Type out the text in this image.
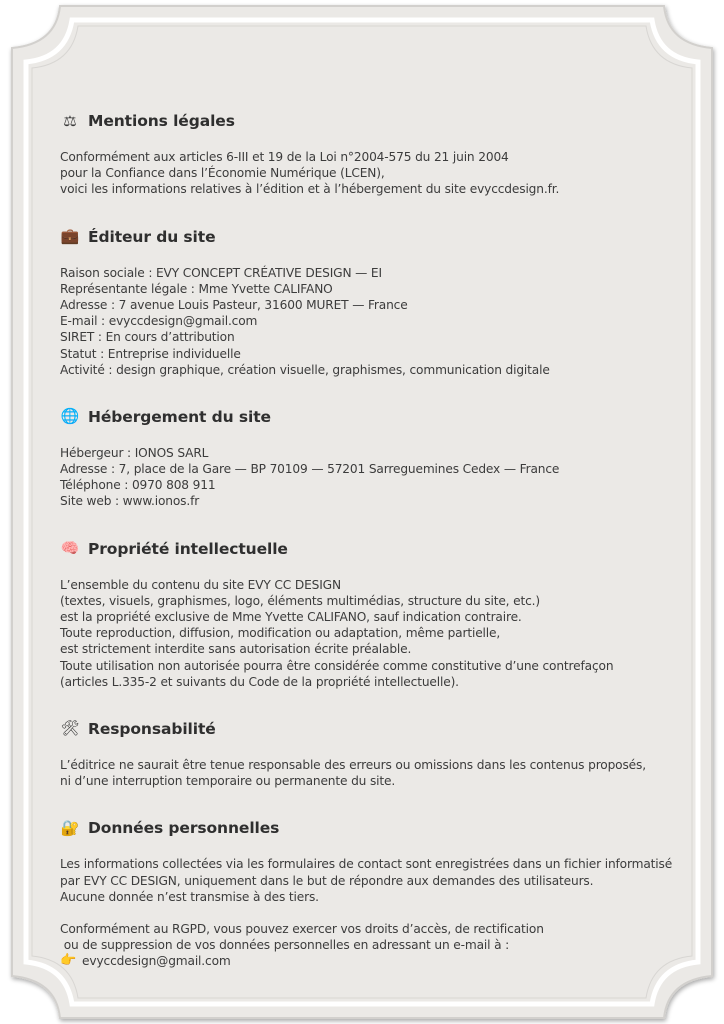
⚖ Mentions légales
Conformément aux articles 6-III et 19 de la Loi n°2004-575 du 21 juin 2004
pour la Confiance dans l’Économie Numérique (LCEN),
voici les informations relatives à l’édition et à l’hébergement du site evyccdesign.fr.
💼 Éditeur du site
Raison sociale : EVY CONCEPT CRÉATIVE DESIGN — EI
Représentante légale : Mme Yvette CALIFANO
Adresse : 7 avenue Louis Pasteur, 31600 MURET — France
E-mail : evyccdesign@gmail.com
SIRET : En cours d’attribution
Statut : Entreprise individuelle
Activité : design graphique, création visuelle, graphismes, communication digitale
🌐 Hébergement du site
Hébergeur : IONOS SARL
Adresse : 7, place de la Gare — BP 70109 — 57201 Sarreguemines Cedex — France
Téléphone : 0970 808 911
Site web : www.ionos.fr
🧠 Propriété intellectuelle
L’ensemble du contenu du site EVY CC DESIGN
(textes, visuels, graphismes, logo, éléments multimédias, structure du site, etc.)
est la propriété exclusive de Mme Yvette CALIFANO, sauf indication contraire.
Toute reproduction, diffusion, modification ou adaptation, même partielle,
est strictement interdite sans autorisation écrite préalable.
Toute utilisation non autorisée pourra être considérée comme constitutive d’une contrefaçon
(articles L.335-2 et suivants du Code de la propriété intellectuelle).
🛠 Responsabilité
L’éditrice ne saurait être tenue responsable des erreurs ou omissions dans les contenus proposés,
ni d’une interruption temporaire ou permanente du site.
🔐 Données personnelles
Les informations collectées via les formulaires de contact sont enregistrées dans un fichier informatisé
par EVY CC DESIGN, uniquement dans le but de répondre aux demandes des utilisateurs.
Aucune donnée n’est transmise à des tiers.
Conformément au RGPD, vous pouvez exercer vos droits d’accès, de rectification
ou de suppression de vos données personnelles en adressant un e-mail à :
👉 evyccdesign@gmail.com
